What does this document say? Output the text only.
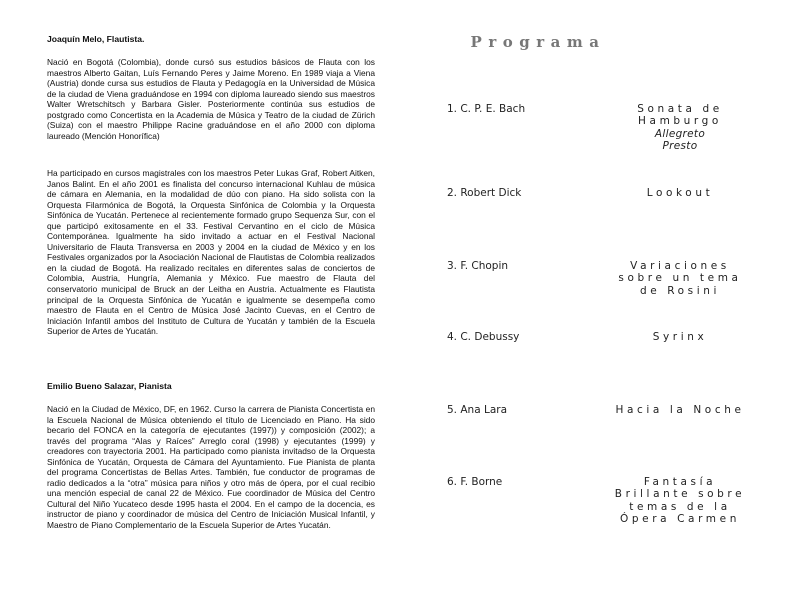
Joaquín Melo, Flautista.

Nació en Bogotá (Colombia), donde cursó sus estudios básicos de Flauta con los maestros Alberto Gaitan, Luís Fernando Peres y Jaime Moreno. En 1989 viaja a Viena (Austria) donde cursa sus estudios de Flauta y Pedagogía en la Universidad de Música de la ciudad de Viena graduándose en 1994 con diploma laureado siendo sus maestros Walter Wretschitsch y Barbara Gisler. Posteriormente continúa sus estudios de postgrado como Concertista en la Academia de Música y Teatro de la ciudad de Zürich (Suiza) con el maestro Philippe Racine graduándose en el año 2000 con diploma laureado (Mención Honorífica)

Ha participado en cursos magistrales con los maestros Peter Lukas Graf, Robert Aitken, Janos Balint. En el año 2001 es finalista del concurso internacional Kuhlau de música de cámara en Alemania, en la modalidad de dúo con piano. Ha sido solista con la Orquesta Filarmónica de Bogotá, la Orquesta Sinfónica de Colombia y la Orquesta Sinfónica de Yucatán. Pertenece al recientemente formado grupo Sequenza Sur, con el que participó exitosamente en el 33. Festival Cervantino en el ciclo de Música Contemporánea. Igualmente ha sido invitado a actuar en el Festival Nacional Universitario de Flauta Transversa en 2003 y 2004 en la ciudad de México y en los Festivales organizados por la Asociación Nacional de Flautistas de Colombia realizados en la ciudad de Bogotá. Ha realizado recitales en diferentes salas de conciertos de Colombia, Austria, Hungría, Alemania y México. Fue maestro de Flauta del conservatorio municipal de Bruck an der Leitha en Austria. Actualmente es Flautista principal de la Orquesta Sinfónica de Yucatán e igualmente se desempeña como maestro de Flauta en el Centro de Música José Jacinto Cuevas, en el Centro de Iniciación Infantil ambos del Instituto de Cultura de Yucatán y también de la Escuela Superior de Artes de Yucatán.

Emilio Bueno Salazar, Pianista

Nació en la Ciudad de México, DF, en 1962. Curso la carrera de Pianista Concertista en la Escuela Nacional de Música obteniendo el título de Licenciado en Piano. Ha sido becario del FONCA en la categoría de ejecutantes (1997)) y composición (2002); a través del programa “Alas y Raíces” Arreglo coral (1998) y ejecutantes (1999) y creadores con trayectoria 2001. Ha participado como pianista invitadso de la Orquesta Sinfónica de Yucatán, Orquesta de Cámara del Ayuntamiento. Fue Pianista de planta del programa Concertistas de Bellas Artes. También, fue conductor de programas de radio dedicados a la “otra” música para niños y otro más de ópera, por el cual recibio una mención especial de canal 22 de México. Fue coordinador de Música del Centro Cultural del Niño Yucateco desde 1995 hasta el 2004. En el campo de la docencia, es instructor de piano y coordinador de música del Centro de Iniciación Musical Infantil, y Maestro de Piano Complementario de la Escuela Superior de Artes Yucatán.

Programa
1. C. P. E. Bach	Sonata de Hamburgo
Allegreto
Presto
2. Robert Dick	Lookout
3. F. Chopin	Variaciones sobre un tema de Rosini
4. C. Debussy	Syrinx
5. Ana Lara	Hacia la Noche
6. F. Borne	Fantasía Brillante sobre temas de la Ópera Carmen
